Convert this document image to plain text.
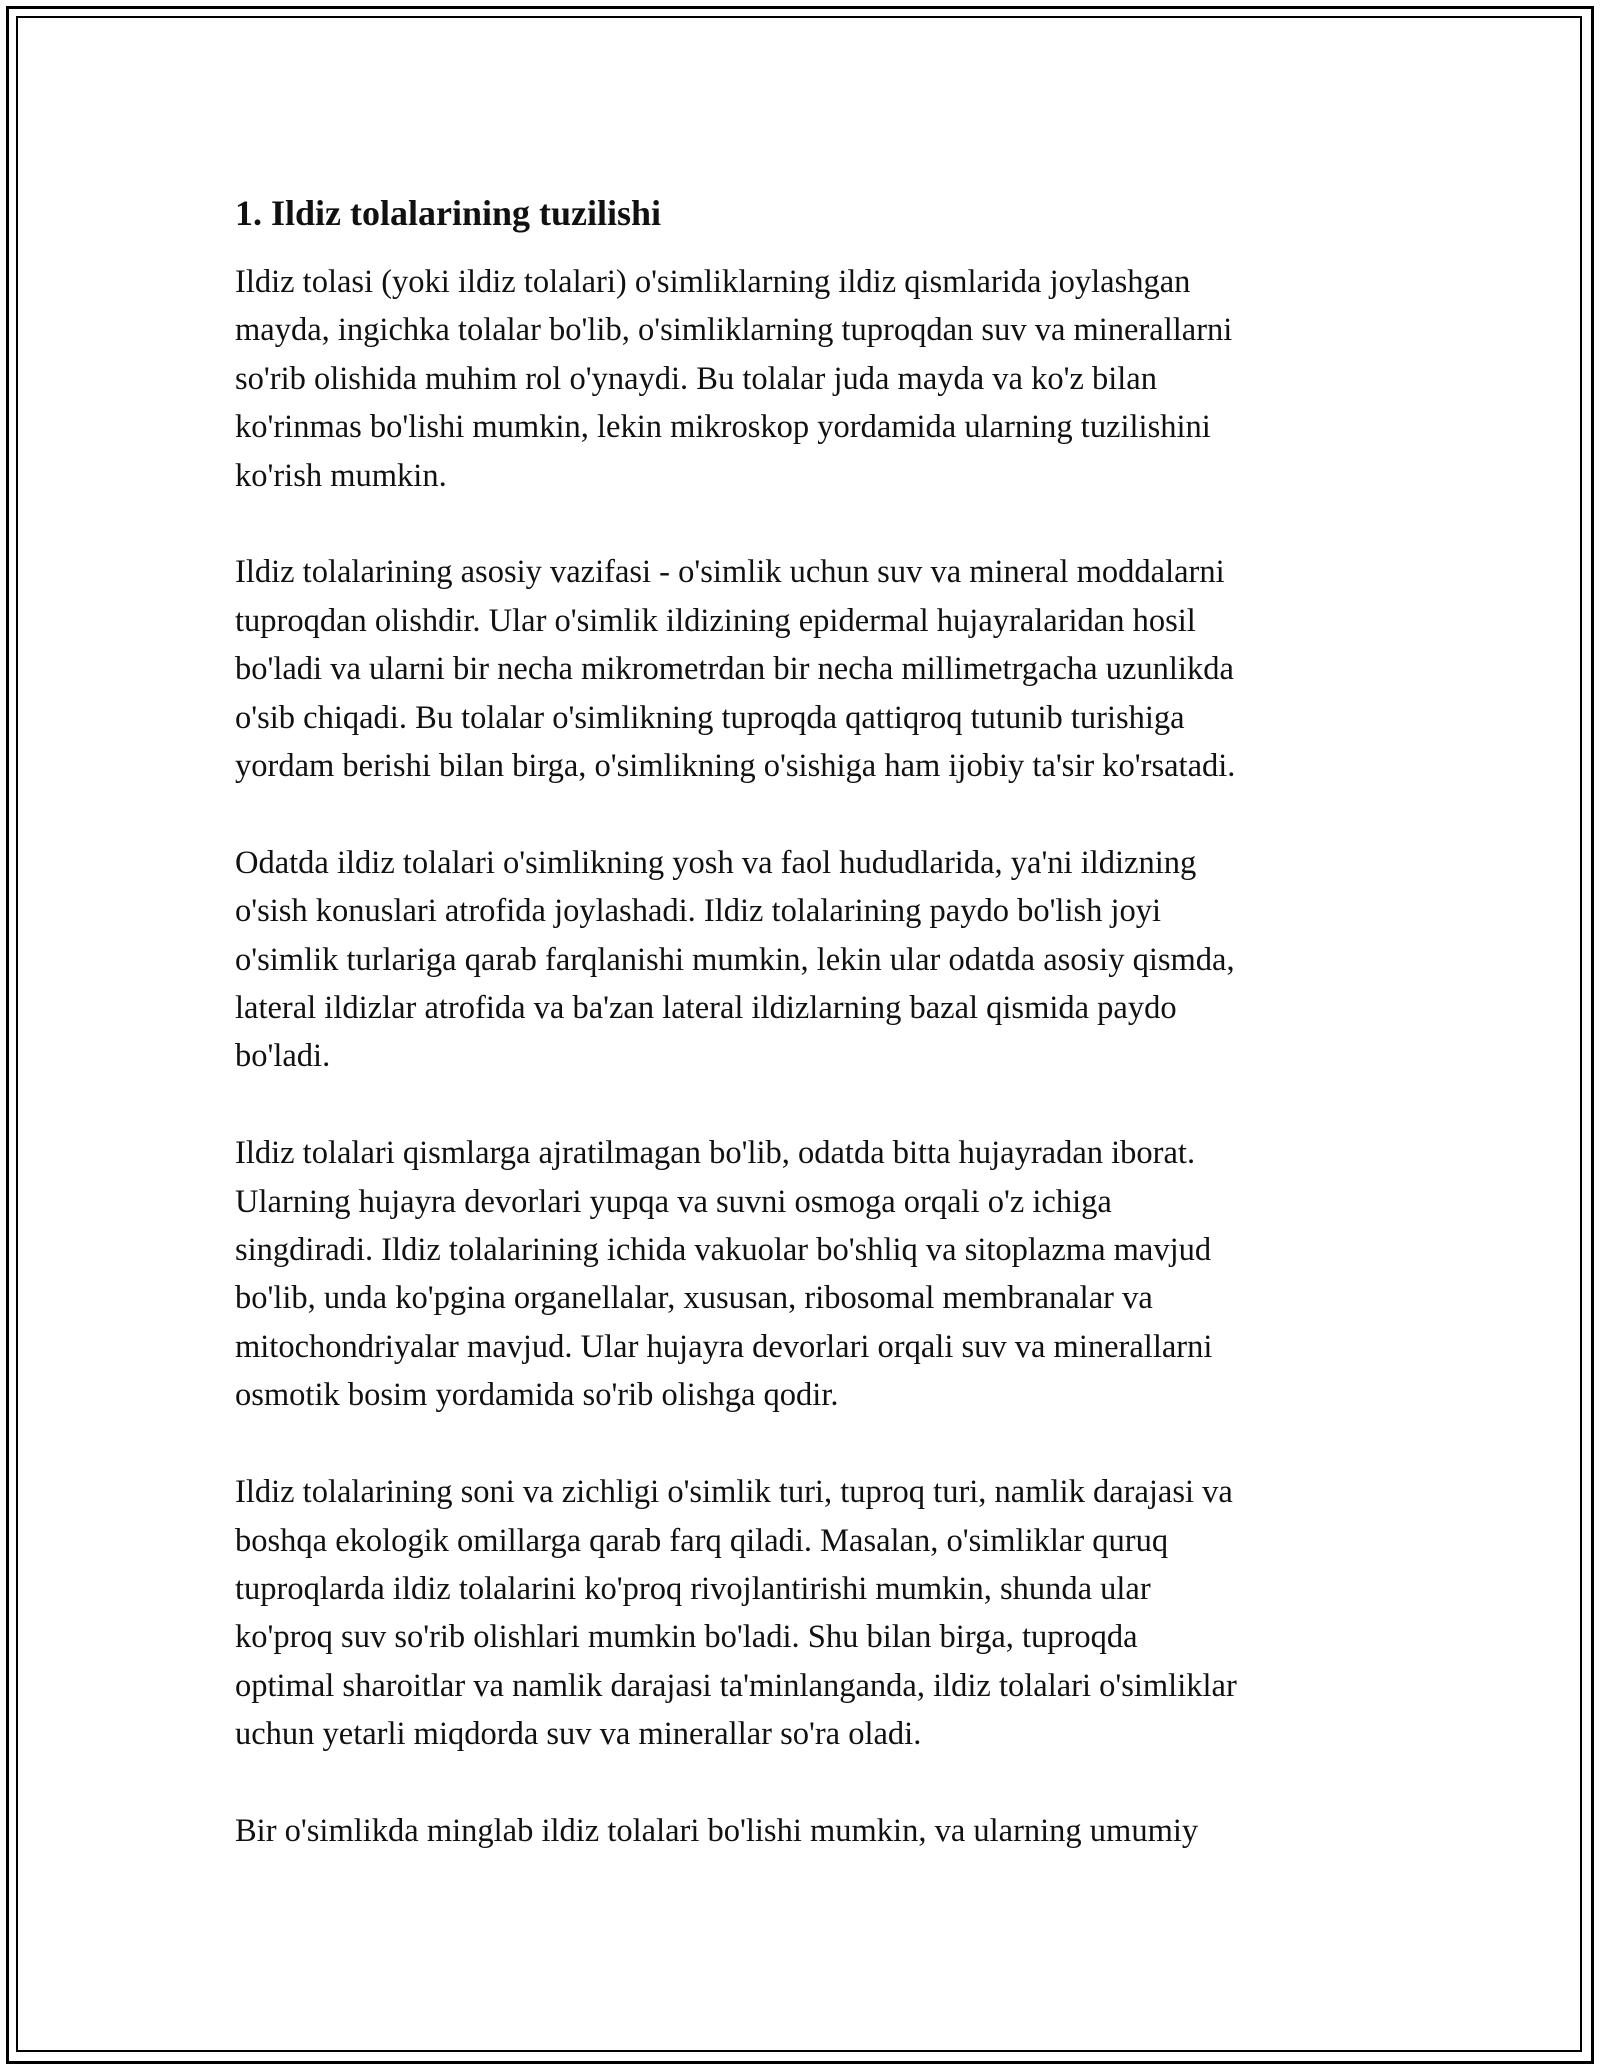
1. Ildiz tolalarining tuzilishi

Ildiz tolasi (yoki ildiz tolalari) o'simliklarning ildiz qismlarida joylashgan
mayda, ingichka tolalar bo'lib, o'simliklarning tuproqdan suv va minerallarni
so'rib olishida muhim rol o'ynaydi. Bu tolalar juda mayda va ko'z bilan
ko'rinmas bo'lishi mumkin, lekin mikroskop yordamida ularning tuzilishini
ko'rish mumkin.

Ildiz tolalarining asosiy vazifasi - o'simlik uchun suv va mineral moddalarni
tuproqdan olishdir. Ular o'simlik ildizining epidermal hujayralaridan hosil
bo'ladi va ularni bir necha mikrometrdan bir necha millimetrgacha uzunlikda
o'sib chiqadi. Bu tolalar o'simlikning tuproqda qattiqroq tutunib turishiga
yordam berishi bilan birga, o'simlikning o'sishiga ham ijobiy ta'sir ko'rsatadi.

Odatda ildiz tolalari o'simlikning yosh va faol hududlarida, ya'ni ildizning
o'sish konuslari atrofida joylashadi. Ildiz tolalarining paydo bo'lish joyi
o'simlik turlariga qarab farqlanishi mumkin, lekin ular odatda asosiy qismda,
lateral ildizlar atrofida va ba'zan lateral ildizlarning bazal qismida paydo
bo'ladi.

Ildiz tolalari qismlarga ajratilmagan bo'lib, odatda bitta hujayradan iborat.
Ularning hujayra devorlari yupqa va suvni osmoga orqali o'z ichiga
singdiradi. Ildiz tolalarining ichida vakuolar bo'shliq va sitoplazma mavjud
bo'lib, unda ko'pgina organellalar, xususan, ribosomal membranalar va
mitochondriyalar mavjud. Ular hujayra devorlari orqali suv va minerallarni
osmotik bosim yordamida so'rib olishga qodir.

Ildiz tolalarining soni va zichligi o'simlik turi, tuproq turi, namlik darajasi va
boshqa ekologik omillarga qarab farq qiladi. Masalan, o'simliklar quruq
tuproqlarda ildiz tolalarini ko'proq rivojlantirishi mumkin, shunda ular
ko'proq suv so'rib olishlari mumkin bo'ladi. Shu bilan birga, tuproqda
optimal sharoitlar va namlik darajasi ta'minlanganda, ildiz tolalari o'simliklar
uchun yetarli miqdorda suv va minerallar so'ra oladi.

Bir o'simlikda minglab ildiz tolalari bo'lishi mumkin, va ularning umumiy
